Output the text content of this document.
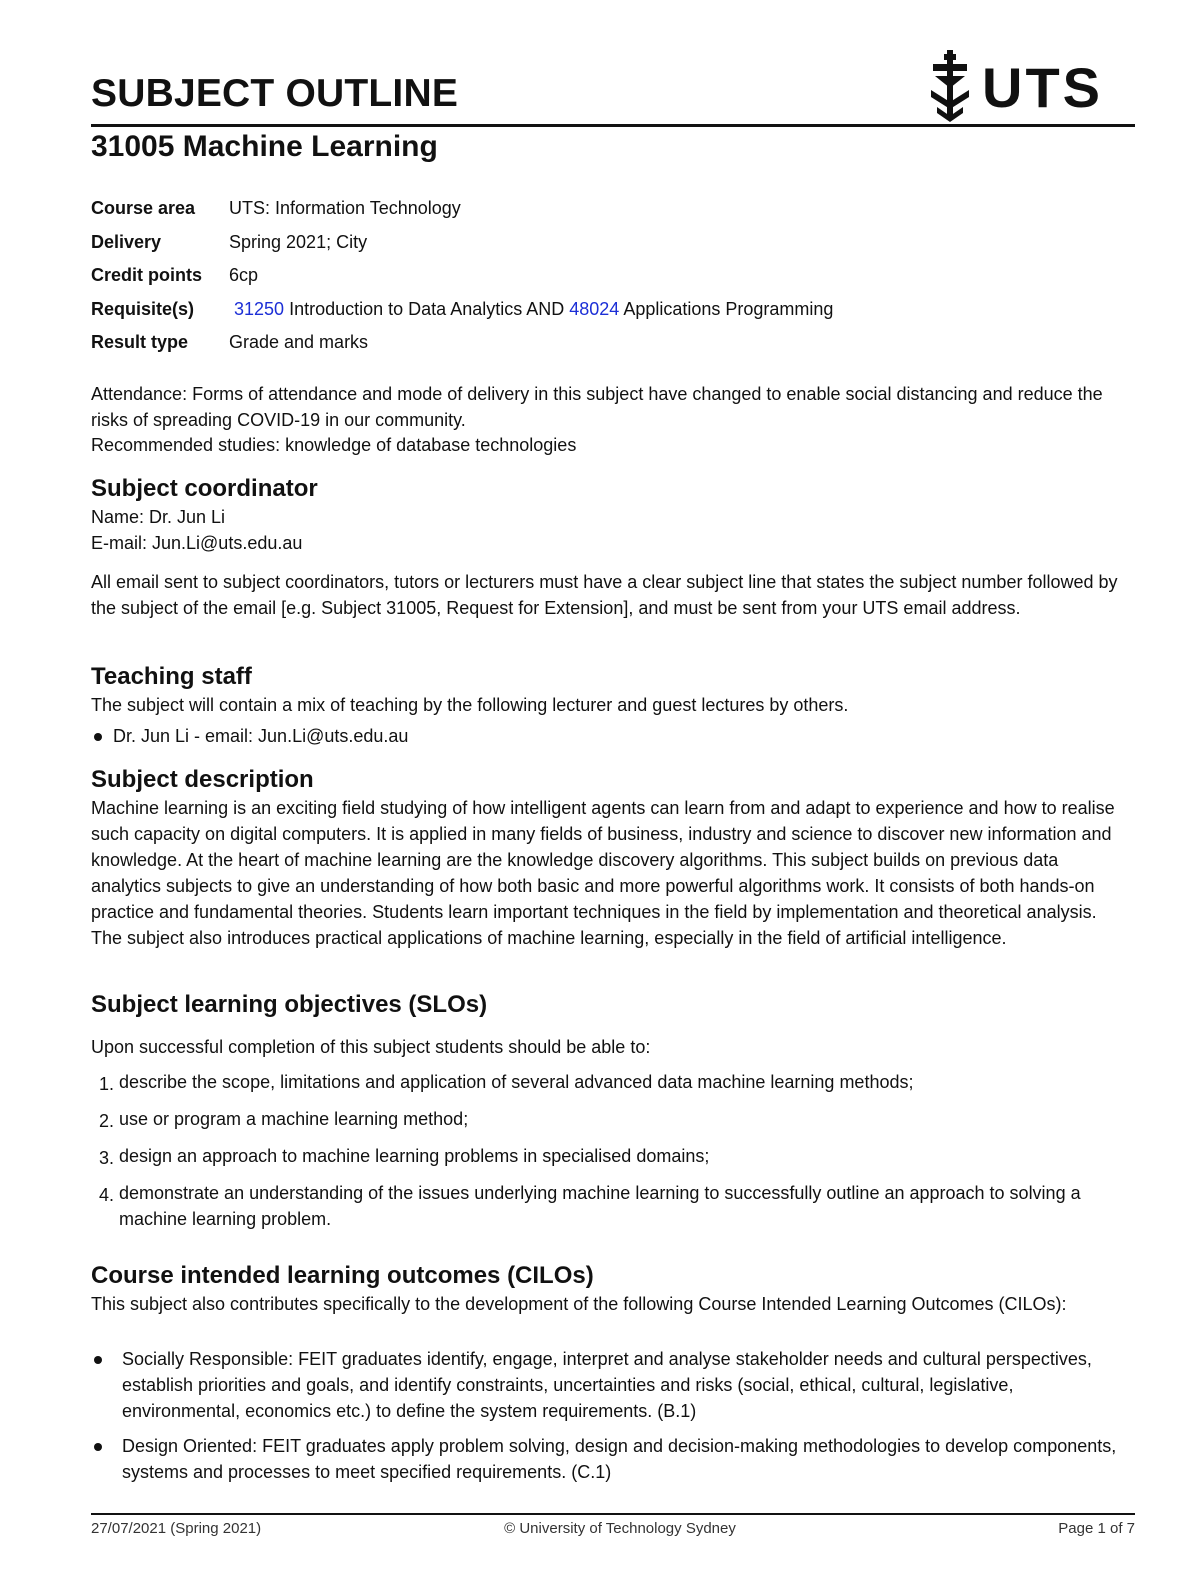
SUBJECT OUTLINE	UTS
31005 Machine Learning
Course area	UTS: Information Technology
Delivery	Spring 2021; City
Credit points	6cp
Requisite(s)	31250 Introduction to Data Analytics AND 48024 Applications Programming
Result type	Grade and marks

Attendance: Forms of attendance and mode of delivery in this subject have changed to enable social distancing and reduce the risks of spreading COVID-19 in our community.

Recommended studies: knowledge of database technologies

Subject coordinator

Name: Dr. Jun Li

E-mail: Jun.Li@uts.edu.au

All email sent to subject coordinators, tutors or lecturers must have a clear subject line that states the subject number followed by the subject of the email [e.g. Subject 31005, Request for Extension], and must be sent from your UTS email address.

Teaching staff

The subject will contain a mix of teaching by the following lecturer and guest lectures by others.

Dr. Jun Li - email: Jun.Li@uts.edu.au
Subject description

Machine learning is an exciting field studying of how intelligent agents can learn from and adapt to experience and how to realise such capacity on digital computers. It is applied in many fields of business, industry and science to discover new information and knowledge. At the heart of machine learning are the knowledge discovery algorithms. This subject builds on previous data analytics subjects to give an understanding of how both basic and more powerful algorithms work. It consists of both hands-on practice and fundamental theories. Students learn important techniques in the field by implementation and theoretical analysis. The subject also introduces practical applications of machine learning, especially in the field of artificial intelligence.

Subject learning objectives (SLOs)

Upon successful completion of this subject students should be able to:

1. describe the scope, limitations and application of several advanced data machine learning methods;
2. use or program a machine learning method;
3. design an approach to machine learning problems in specialised domains;
4. demonstrate an understanding of the issues underlying machine learning to successfully outline an approach to solving a machine learning problem.
Course intended learning outcomes (CILOs)

This subject also contributes specifically to the development of the following Course Intended Learning Outcomes (CILOs):

Socially Responsible: FEIT graduates identify, engage, interpret and analyse stakeholder needs and cultural perspectives, establish priorities and goals, and identify constraints, uncertainties and risks (social, ethical, cultural, legislative, environmental, economics etc.) to define the system requirements. (B.1)
Design Oriented: FEIT graduates apply problem solving, design and decision-making methodologies to develop components, systems and processes to meet specified requirements. (C.1)
27/07/2021 (Spring 2021)	© University of Technology Sydney	Page 1 of 7
